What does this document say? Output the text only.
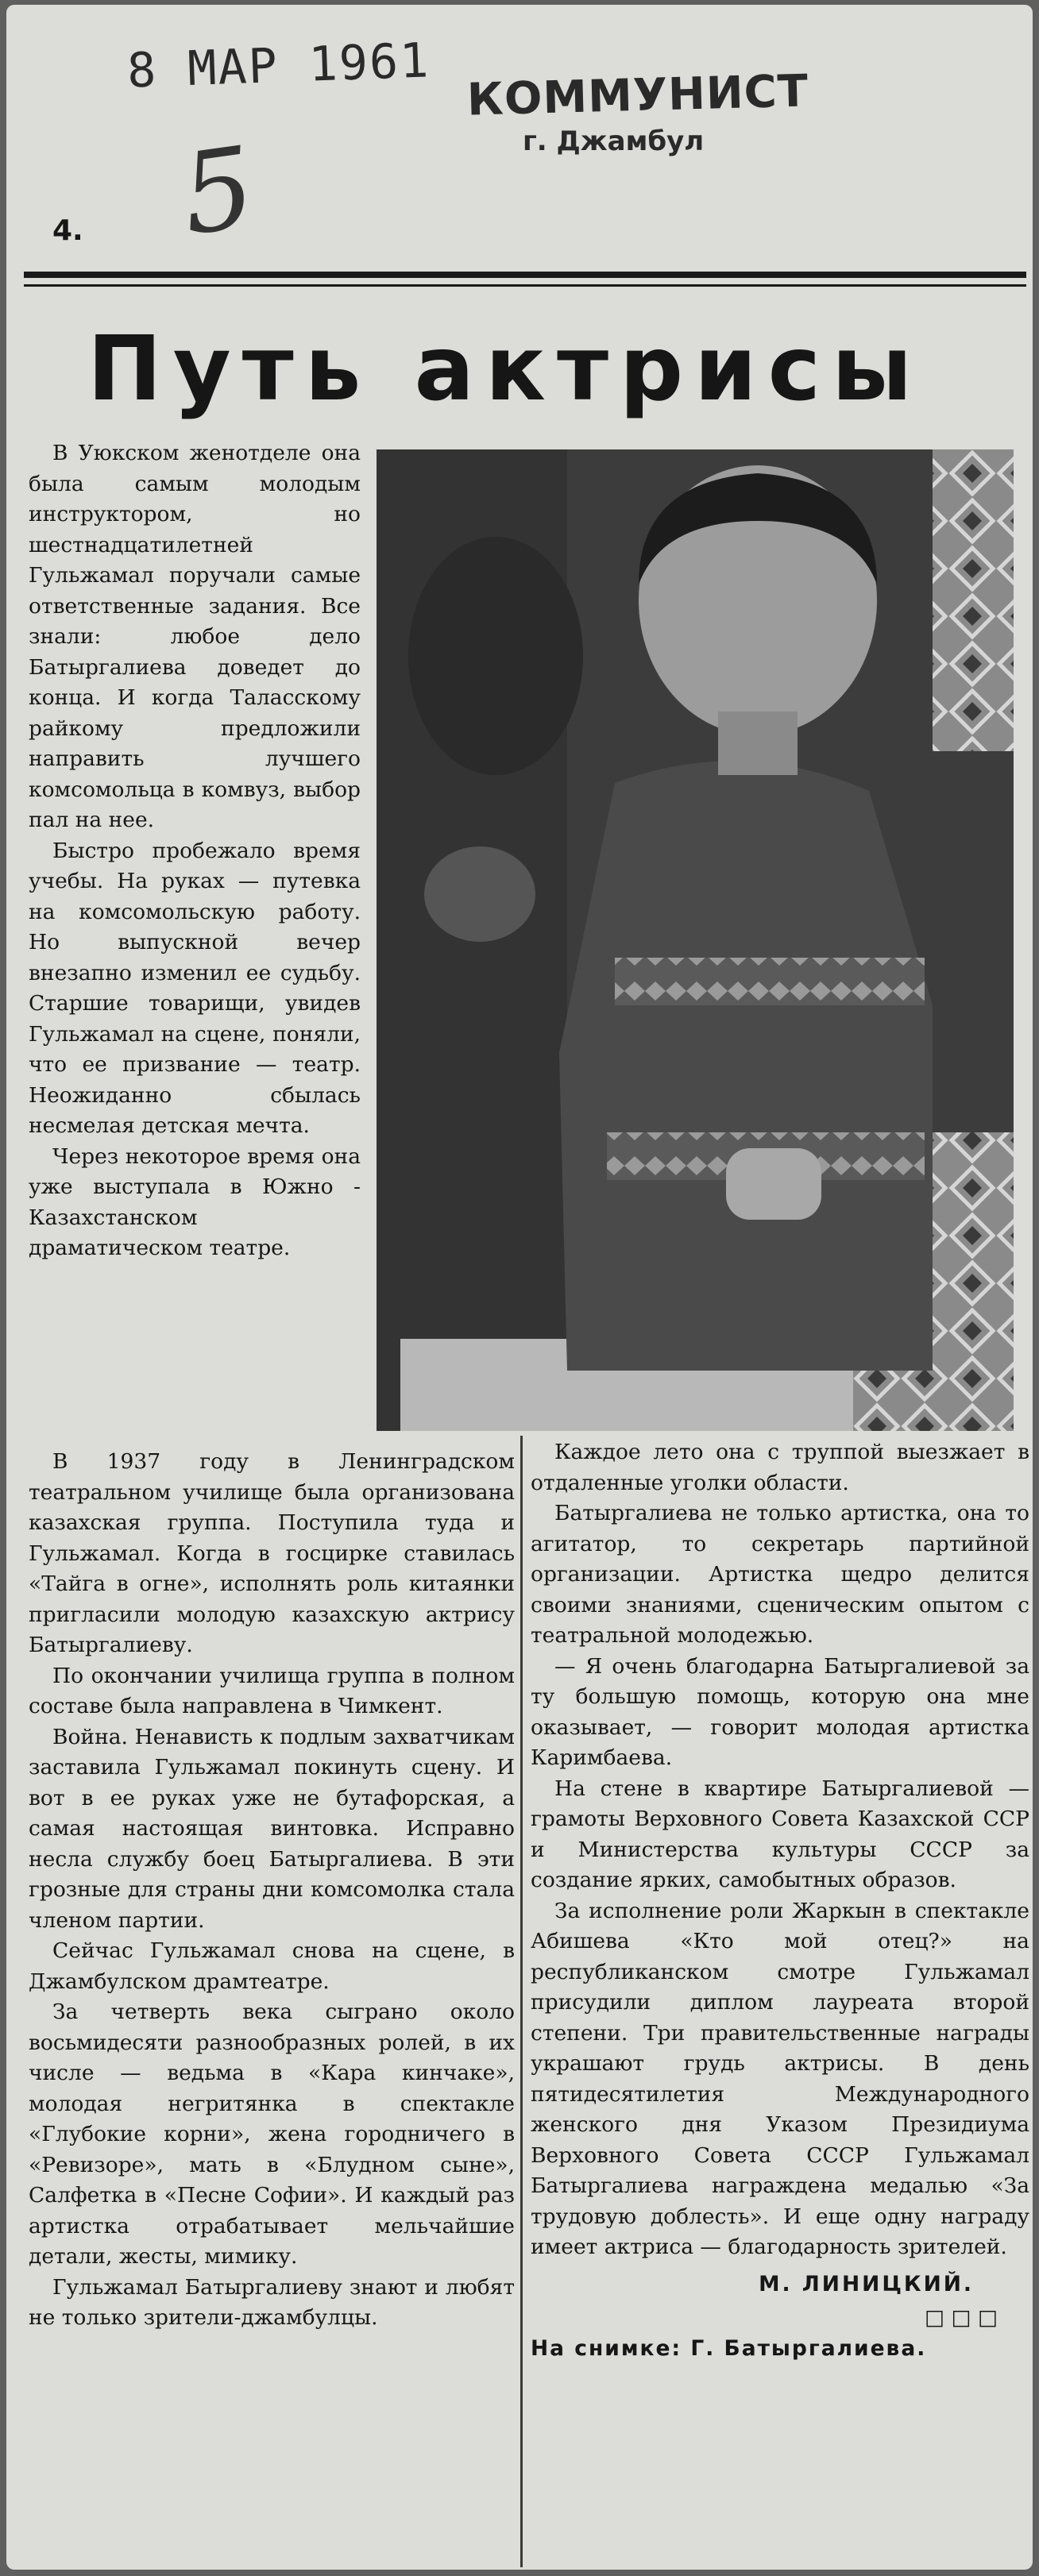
8 МАР 1961 КОММУНИСТ
г. Джамбул
5
4.
Путь актрисы

В Уюкском женотделе она была самым молодым инструктором, но шестнадцатилетней Гульжамал поручали самые ответственные задания. Все знали: любое дело Батыргалиева доведет до конца. И когда Таласскому райкому предложили направить лучшего комсомольца в комвуз, выбор пал на нее.

Быстро пробежало время учебы. На руках — путевка на комсомольскую работу. Но выпускной вечер внезапно изменил ее судьбу. Старшие товарищи, увидев Гульжамал на сцене, поняли, что ее призвание — театр. Неожиданно сбылась несмелая детская мечта.

Через некоторое время она уже выступала в Южно - Казахстанском драматическом театре.

В 1937 году в Ленинградском театральном училище была организована казахская группа. Поступила туда и Гульжамал. Когда в госцирке ставилась «Тайга в огне», исполнять роль китаянки пригласили молодую казахскую актрису Батыргалиеву.

По окончании училища группа в полном составе была направлена в Чимкент.

Война. Ненависть к подлым захватчикам заставила Гульжамал покинуть сцену. И вот в ее руках уже не бутафорская, а самая настоящая винтовка. Исправно несла службу боец Батыргалиева. В эти грозные для страны дни комсомолка стала членом партии.

Сейчас Гульжамал снова на сцене, в Джамбулском драмтеатре.

За четверть века сыграно около восьмидесяти разнообразных ролей, в их числе — ведьма в «Кара кинчаке», молодая негритянка в спектакле «Глубокие корни», жена городничего в «Ревизоре», мать в «Блудном сыне», Салфетка в «Песне Софии». И каждый раз артистка отрабатывает мельчайшие детали, жесты, мимику.

Гульжамал Батыргалиеву знают и любят не только зрители-джамбулцы.

Каждое лето она с труппой выезжает в отдаленные уголки области.

Батыргалиева не только артистка, она то агитатор, то секретарь партийной организации. Артистка щедро делится своими знаниями, сценическим опытом с театральной молодежью.

— Я очень благодарна Батыргалиевой за ту большую помощь, которую она мне оказывает, — говорит молодая артистка Каримбаева.

На стене в квартире Батыргалиевой — грамоты Верховного Совета Казахской ССР и Министерства культуры СССР за создание ярких, самобытных образов.

За исполнение роли Жаркын в спектакле Абишева «Кто мой отец?» на республиканском смотре Гульжамал присудили диплом лауреата второй степени. Три правительственные награды украшают грудь актрисы. В день пятидесятилетия Международного женского дня Указом Президиума Верховного Совета СССР Гульжамал Батыргалиева награждена медалью «За трудовую доблесть». И еще одну награду имеет актриса — благодарность зрителей.

М. ЛИНИЦКИЙ.
□ □ □

На снимке: Г. Батыргалиева.
